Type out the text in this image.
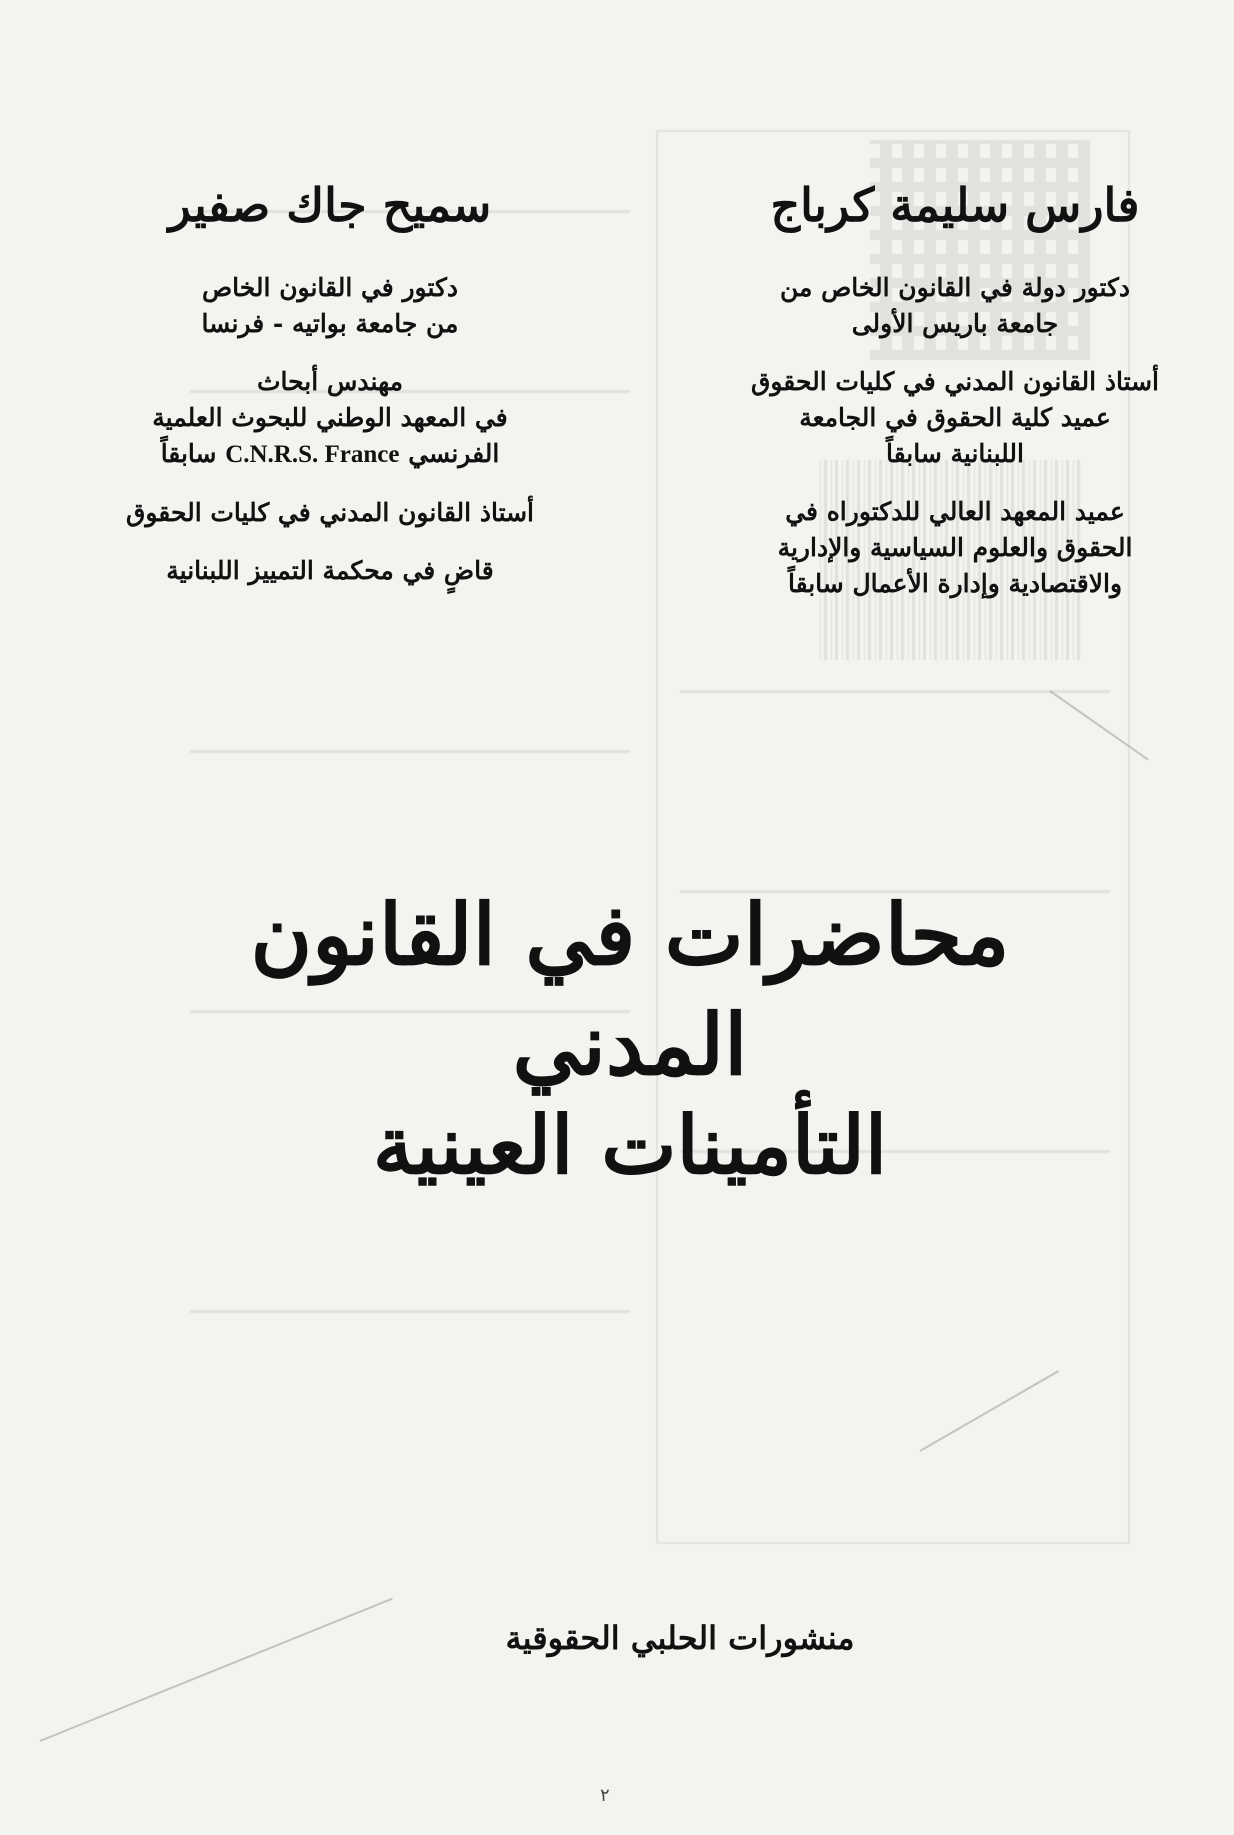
فارس سليمة كرباج
دكتور دولة في القانون الخاص من
جامعة باريس الأولى
أستاذ القانون المدني في كليات الحقوق
عميد كلية الحقوق في الجامعة
اللبنانية سابقاً
عميد المعهد العالي للدكتوراه في
الحقوق والعلوم السياسية والإدارية
والاقتصادية وإدارة الأعمال سابقاً
سميح جاك صفير
دكتور في القانون الخاص
من جامعة بواتيه - فرنسا
مهندس أبحاث
في المعهد الوطني للبحوث العلمية
الفرنسي C.N.R.S. France سابقاً
أستاذ القانون المدني في كليات الحقوق
قاضٍ في محكمة التمييز اللبنانية
محاضرات في القانون المدني
التأمينات العينية
منشورات الحلبي الحقوقية
٢
